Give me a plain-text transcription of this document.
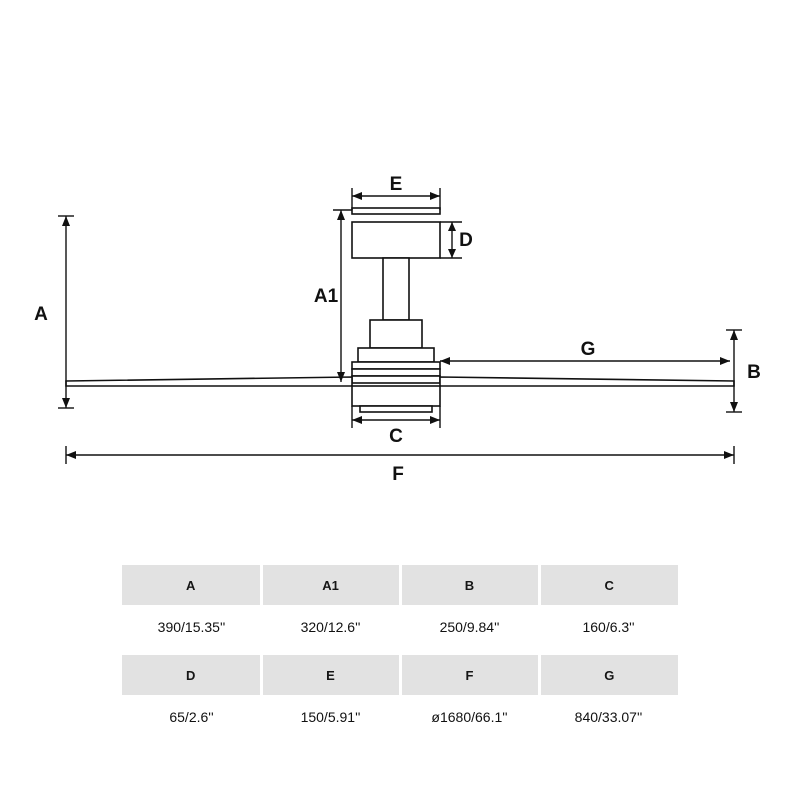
A
A1
E
D
B
G
C
F
A	A1	B	C
390/15.35''	320/12.6''	250/9.84''	160/6.3''

D	E	F	G
65/2.6''	150/5.91''	ø1680/66.1''	840/33.07''
